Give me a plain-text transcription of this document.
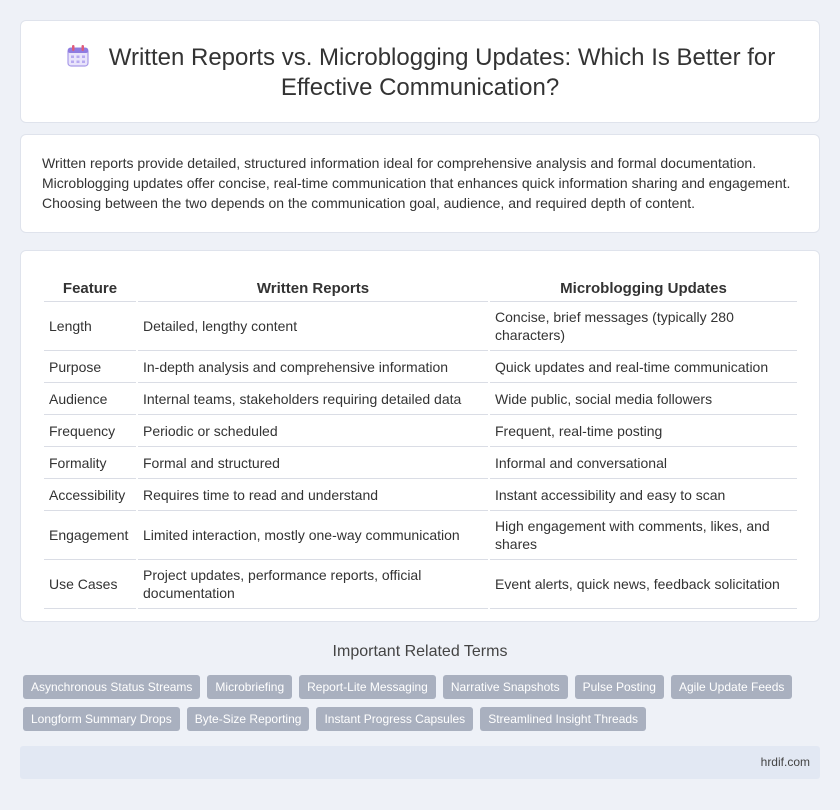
Written Reports vs. Microblogging Updates: Which Is Better for Effective Communication?
Written reports provide detailed, structured information ideal for comprehensive analysis and formal documentation. Microblogging updates offer concise, real-time communication that enhances quick information sharing and engagement. Choosing between the two depends on the communication goal, audience, and required depth of content.
Feature	Written Reports	Microblogging Updates
Length	Detailed, lengthy content	Concise, brief messages (typically 280 characters)
Purpose	In-depth analysis and comprehensive information	Quick updates and real-time communication
Audience	Internal teams, stakeholders requiring detailed data	Wide public, social media followers
Frequency	Periodic or scheduled	Frequent, real-time posting
Formality	Formal and structured	Informal and conversational
Accessibility	Requires time to read and understand	Instant accessibility and easy to scan
Engagement	Limited interaction, mostly one-way communication	High engagement with comments, likes, and shares
Use Cases	Project updates, performance reports, official documentation	Event alerts, quick news, feedback solicitation
Important Related Terms
Asynchronous Status Streams	Microbriefing	Report-Lite Messaging	Narrative Snapshots	Pulse Posting	Agile Update Feeds
Longform Summary Drops	Byte-Size Reporting	Instant Progress Capsules	Streamlined Insight Threads
hrdif.com
